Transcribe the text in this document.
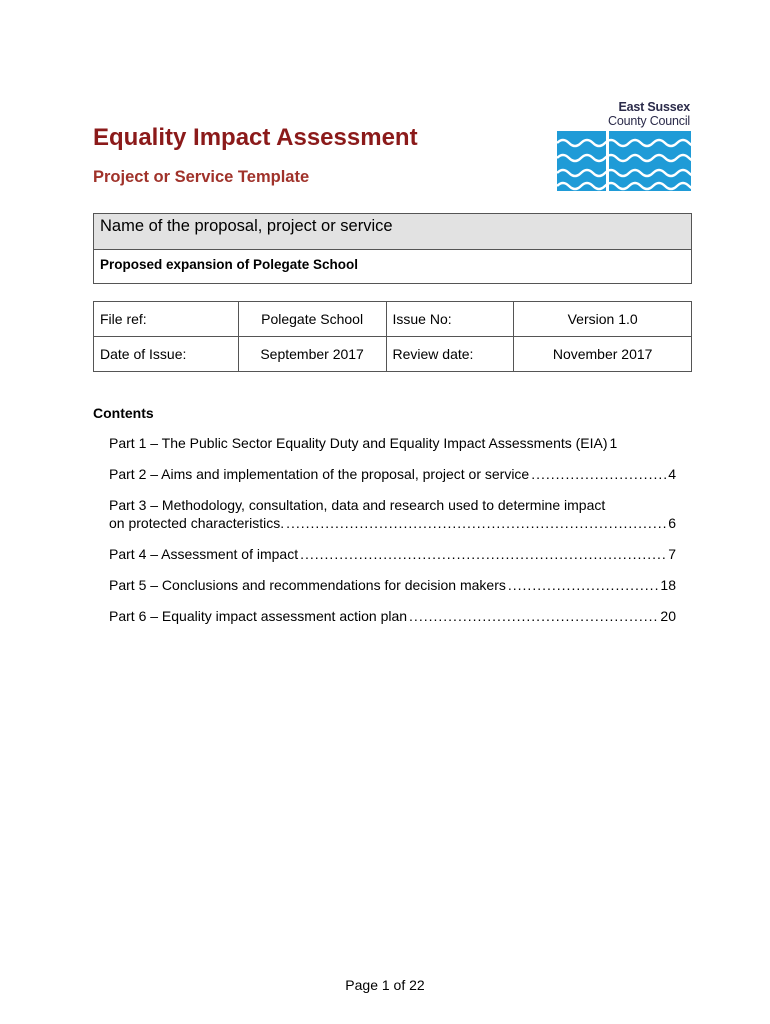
Equality Impact Assessment
Project or Service Template
East Sussex
County Council
Name of the proposal, project or service
Proposed expansion of Polegate School
File ref:	Polegate School	Issue No:	Version 1.0
Date of Issue:	September 2017	Review date:	November 2017
Contents
Part 1 – The Public Sector Equality Duty and Equality Impact Assessments (EIA) 1
Part 2 – Aims and implementation of the proposal, project or service .....	4
Part 3 – Methodology, consultation, data and research used to determine impact
on protected characteristics. .....	6
Part 4 – Assessment of impact .....	7
Part 5 – Conclusions and recommendations for decision makers .....	18
Part 6 – Equality impact assessment action plan .....	20
Page 1 of 22
